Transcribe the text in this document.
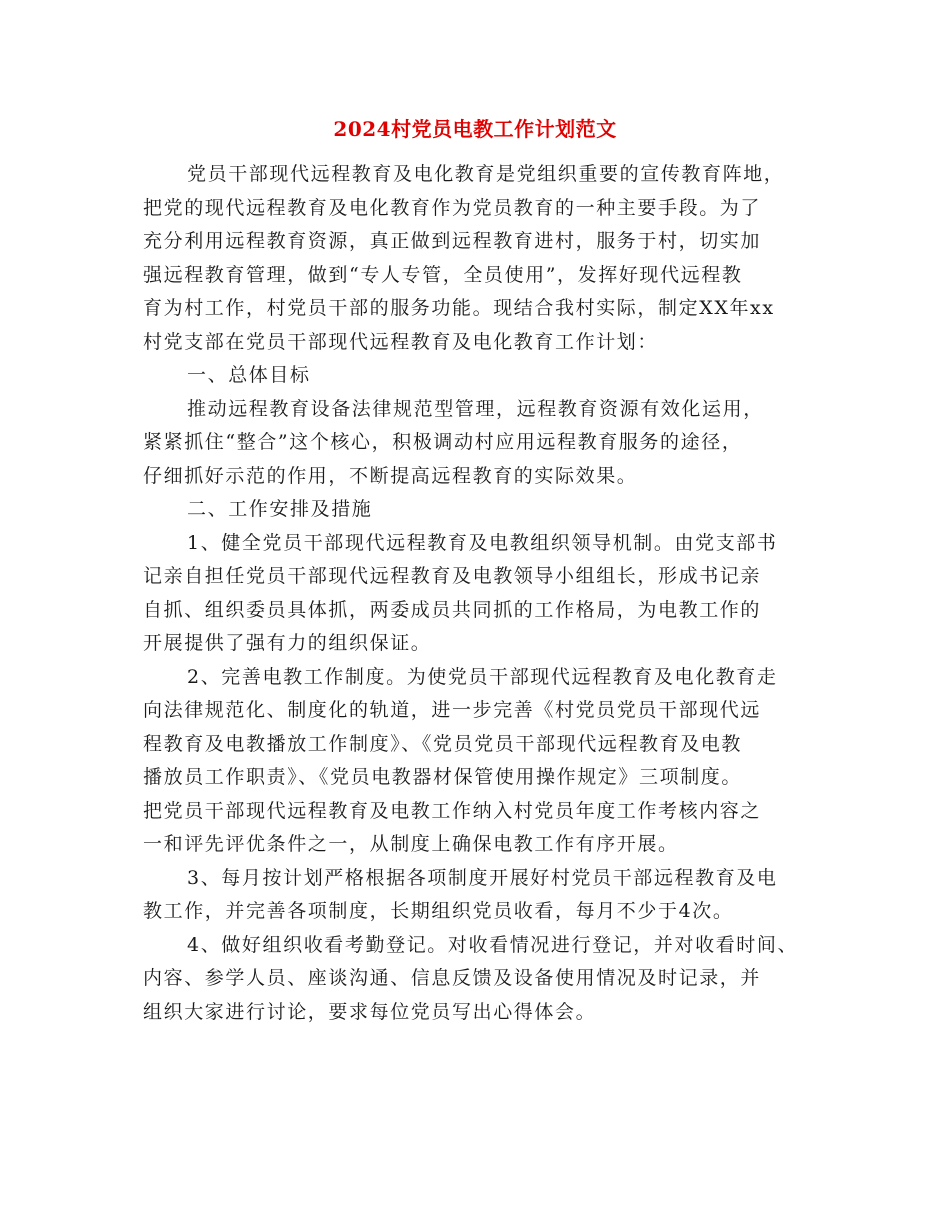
2024村党员电教工作计划范文
党员干部现代远程教育及电化教育是党组织重要的宣传教育阵地，
把党的现代远程教育及电化教育作为党员教育的一种主要手段。为了
充分利用远程教育资源，真正做到远程教育进村，服务于村，切实加
强远程教育管理，做到“专人专管，全员使用”，发挥好现代远程教
育为村工作，村党员干部的服务功能。现结合我村实际，制定XX年xx
村党支部在党员干部现代远程教育及电化教育工作计划：
一、总体目标
推动远程教育设备法律规范型管理，远程教育资源有效化运用，
紧紧抓住“整合”这个核心，积极调动村应用远程教育服务的途径，
仔细抓好示范的作用，不断提高远程教育的实际效果。
二、工作安排及措施
1、健全党员干部现代远程教育及电教组织领导机制。由党支部书
记亲自担任党员干部现代远程教育及电教领导小组组长，形成书记亲
自抓、组织委员具体抓，两委成员共同抓的工作格局，为电教工作的
开展提供了强有力的组织保证。
2、完善电教工作制度。为使党员干部现代远程教育及电化教育走
向法律规范化、制度化的轨道，进一步完善《村党员党员干部现代远
程教育及电教播放工作制度》、《党员党员干部现代远程教育及电教
播放员工作职责》、《党员电教器材保管使用操作规定》三项制度。
把党员干部现代远程教育及电教工作纳入村党员年度工作考核内容之
一和评先评优条件之一，从制度上确保电教工作有序开展。
3、每月按计划严格根据各项制度开展好村党员干部远程教育及电
教工作，并完善各项制度，长期组织党员收看，每月不少于4次。
4、做好组织收看考勤登记。对收看情况进行登记，并对收看时间、
内容、参学人员、座谈沟通、信息反馈及设备使用情况及时记录，并
组织大家进行讨论，要求每位党员写出心得体会。
